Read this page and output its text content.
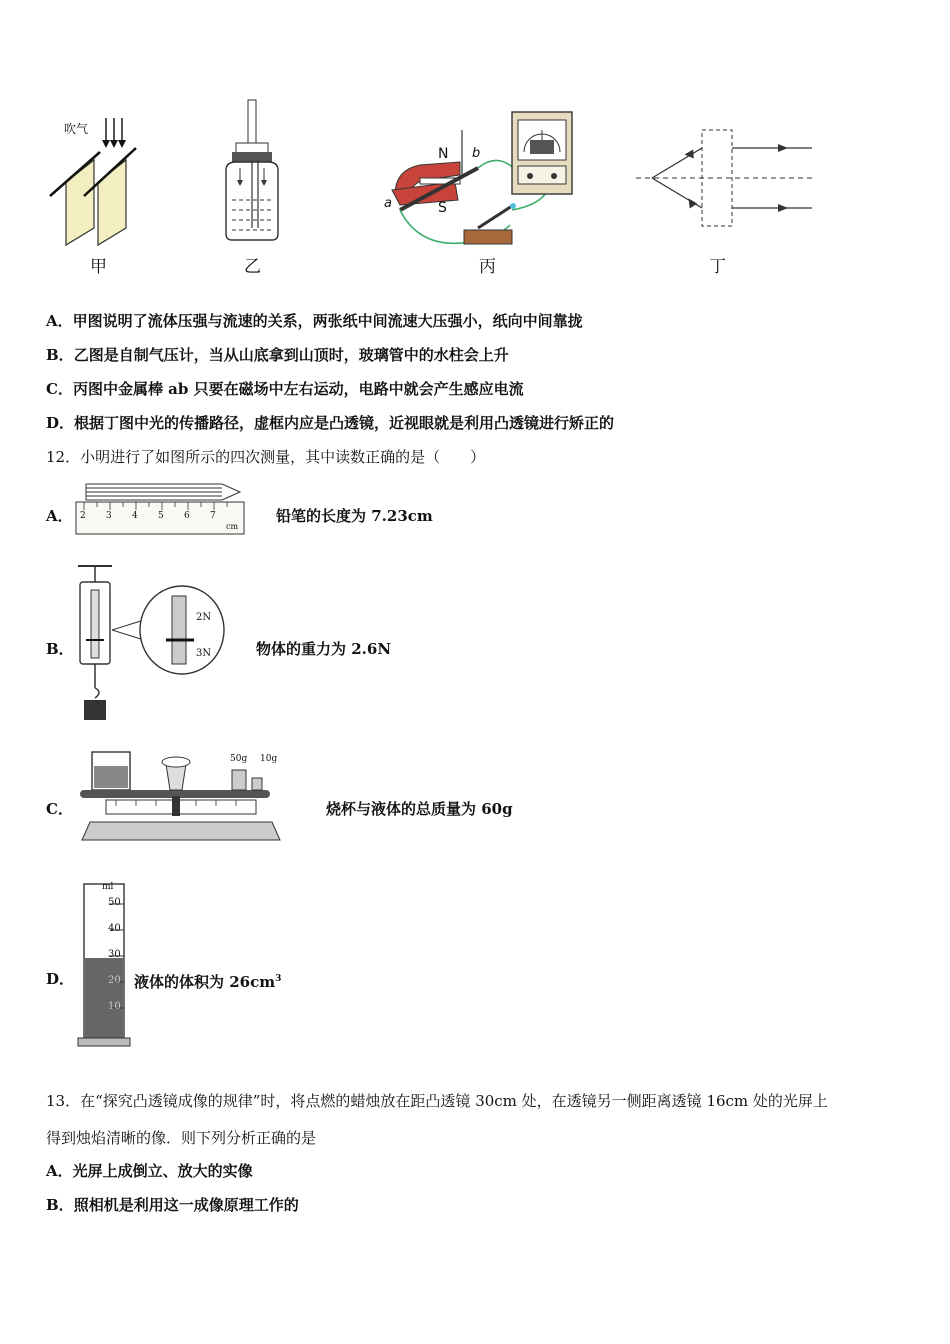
吹气
甲	乙	丙	丁
N
S
a
b
A．甲图说明了流体压强与流速的关系，两张纸中间流速大压强小，纸向中间靠拢
B．乙图是自制气压计，当从山底拿到山顶时，玻璃管中的水柱会上升
C．丙图中金属棒 ab 只要在磁场中左右运动，电路中就会产生感应电流
D．根据丁图中光的传播路径，虚框内应是凸透镜，近视眼就是利用凸透镜进行矫正的
12．小明进行了如图所示的四次测量，其中读数正确的是（　　）
A． 2 3 4 5 6 7
cm
铅笔的长度为 7.23cm
B．
2N
3N	物体的重力为 2.6N
C．
50g 10g
烧杯与液体的总质量为 60g
D．
ml
50
40
30
20
10
液体的体积为 $26cm^3$
13．在“探究凸透镜成像的规律”时，将点燃的蜡烛放在距凸透镜 30cm 处，在透镜另一侧距离透镜 16cm 处的光屏上
得到烛焰清晰的像．则下列分析正确的是
A．光屏上成倒立、放大的实像
B．照相机是利用这一成像原理工作的
